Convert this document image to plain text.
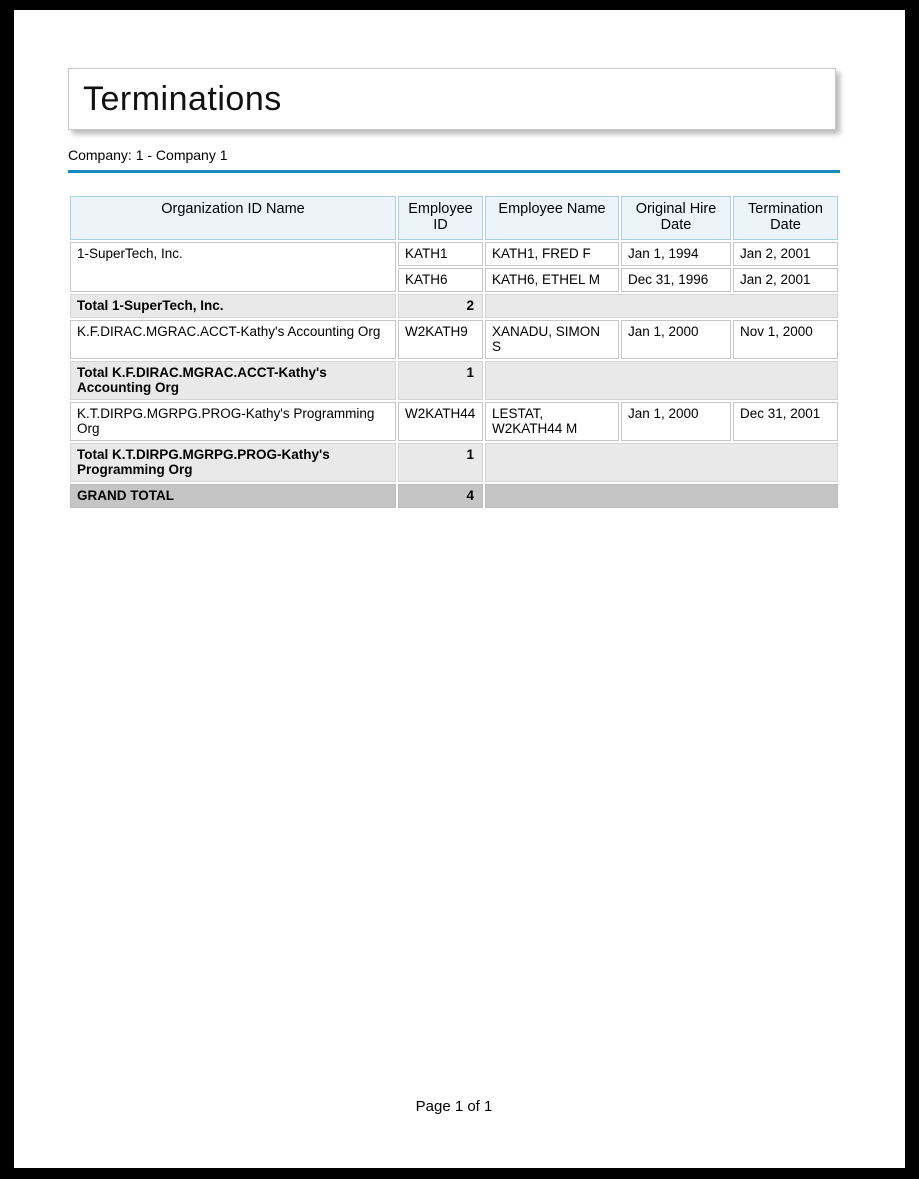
Terminations
Company: 1 - Company 1
Organization ID Name	Employee ID	Employee Name	Original Hire Date	Termination Date
1-SuperTech, Inc.	KATH1	KATH1, FRED F	Jan 1, 1994	Jan 2, 2001
	KATH6	KATH6, ETHEL M	Dec 31, 1996	Jan 2, 2001
Total 1-SuperTech, Inc.	2			
K.F.DIRAC.MGRAC.ACCT-Kathy's Accounting Org	W2KATH9	XANADU, SIMON S	Jan 1, 2000	Nov 1, 2000
Total K.F.DIRAC.MGRAC.ACCT-Kathy's Accounting Org	1			
K.T.DIRPG.MGRPG.PROG-Kathy's Programming Org	W2KATH44	LESTAT, W2KATH44 M	Jan 1, 2000	Dec 31, 2001
Total K.T.DIRPG.MGRPG.PROG-Kathy's Programming Org	1			
GRAND TOTAL	4			
Page 1 of 1
